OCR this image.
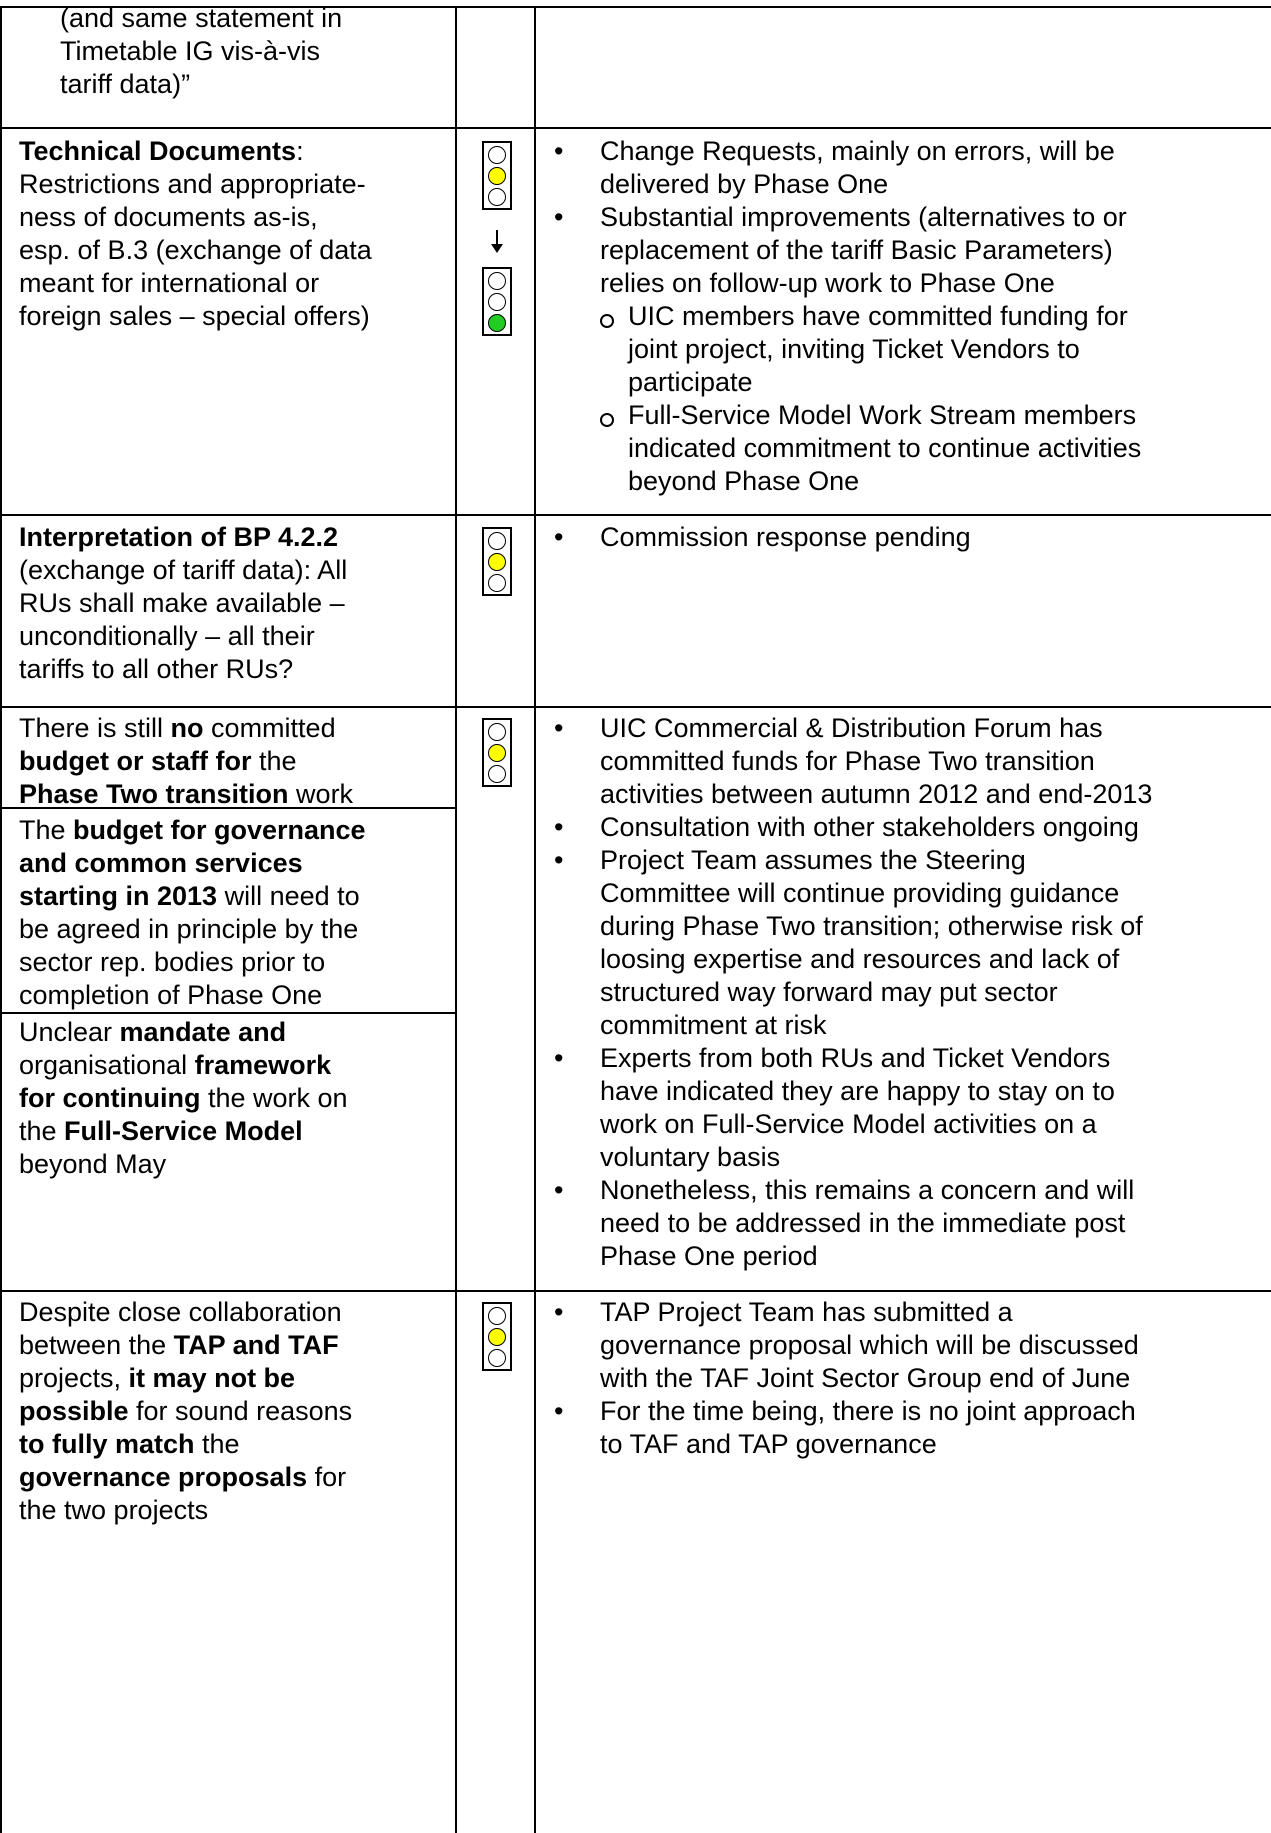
(and same statement in
Timetable IG vis-à-vis
tariff data)”
Technical Documents:
Restrictions and appropriate-
ness of documents as-is,
esp. of B.3 (exchange of data
meant for international or
foreign sales – special offers)
• Change Requests, mainly on errors, will be
delivered by Phase One
• Substantial improvements (alternatives to or
replacement of the tariff Basic Parameters)
relies on follow-up work to Phase One
UIC members have committed funding for
joint project, inviting Ticket Vendors to
participate
Full-Service Model Work Stream members
indicated commitment to continue activities
beyond Phase One
Interpretation of BP 4.2.2
(exchange of tariff data): All
RUs shall make available –
unconditionally – all their
tariffs to all other RUs?
• Commission response pending
There is still no committed
budget or staff for the
Phase Two transition work
The budget for governance
and common services
starting in 2013 will need to
be agreed in principle by the
sector rep. bodies prior to
completion of Phase One
Unclear mandate and
organisational framework
for continuing the work on
the Full-Service Model
beyond May
• UIC Commercial & Distribution Forum has
committed funds for Phase Two transition
activities between autumn 2012 and end-2013
• Consultation with other stakeholders ongoing
• Project Team assumes the Steering
Committee will continue providing guidance
during Phase Two transition; otherwise risk of
loosing expertise and resources and lack of
structured way forward may put sector
commitment at risk
• Experts from both RUs and Ticket Vendors
have indicated they are happy to stay on to
work on Full-Service Model activities on a
voluntary basis
• Nonetheless, this remains a concern and will
need to be addressed in the immediate post
Phase One period
Despite close collaboration
between the TAP and TAF
projects, it may not be
possible for sound reasons
to fully match the
governance proposals for
the two projects
• TAP Project Team has submitted a
governance proposal which will be discussed
with the TAF Joint Sector Group end of June
• For the time being, there is no joint approach
to TAF and TAP governance
